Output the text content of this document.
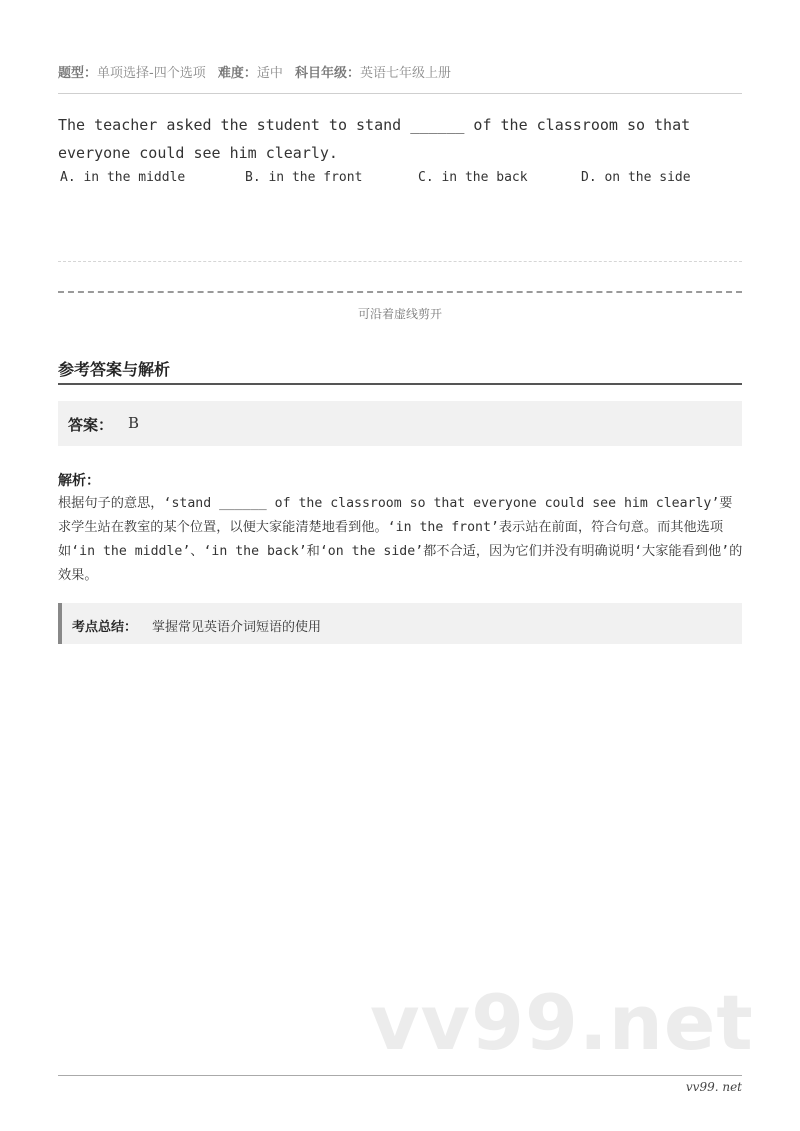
题型：单项选择-四个选项 难度：适中 科目年级：英语七年级上册
The teacher asked the student to stand ______ of the classroom so that everyone could see him clearly.
A. in the middle	B. in the front	C. in the back	D. on the side
可沿着虚线剪开
参考答案与解析
答案： B
解析：
根据句子的意思，‘stand ______ of the classroom so that everyone could see him clearly’要求学生站在教室的某个位置，以便大家能清楚地看到他。‘in the front’表示站在前面，符合句意。而其他选项如‘in the middle’、‘in the back’和‘on the side’都不合适，因为它们并没有明确说明‘大家能看到他’的效果。
考点总结： 掌握常见英语介词短语的使用
vv99.net
vv99. net
